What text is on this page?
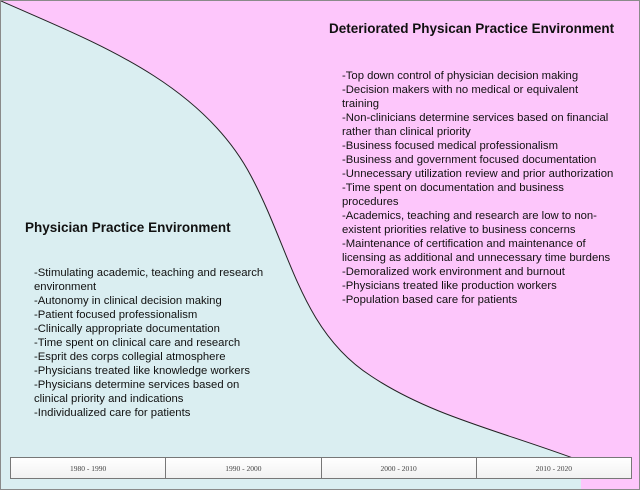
Deteriorated Physican Practice Environment
-Top down control of physician decision making
-Decision makers with no medical or equivalent training
-Non-clinicians determine services based on financial rather than clinical priority
-Business focused medical professionalism
-Business and government focused documentation
-Unnecessary utilization review and prior authorization
-Time spent on documentation and business procedures
-Academics, teaching and research are low to non-existent priorities relative to business concerns
-Maintenance of certification and maintenance of licensing as additional and unnecessary time burdens
-Demoralized work environment and burnout
-Physicians treated like production workers
-Population based care for patients
Physician Practice Environment
-Stimulating academic, teaching and research environment
-Autonomy in clinical decision making
-Patient focused professionalism
-Clinically appropriate documentation
-Time spent on clinical care and research
-Esprit des corps collegial atmosphere
-Physicians treated like knowledge workers
-Physicians determine services based on clinical priority and indications
-Individualized care for patients
1980 - 1990	1990 - 2000	2000 - 2010	2010 - 2020
